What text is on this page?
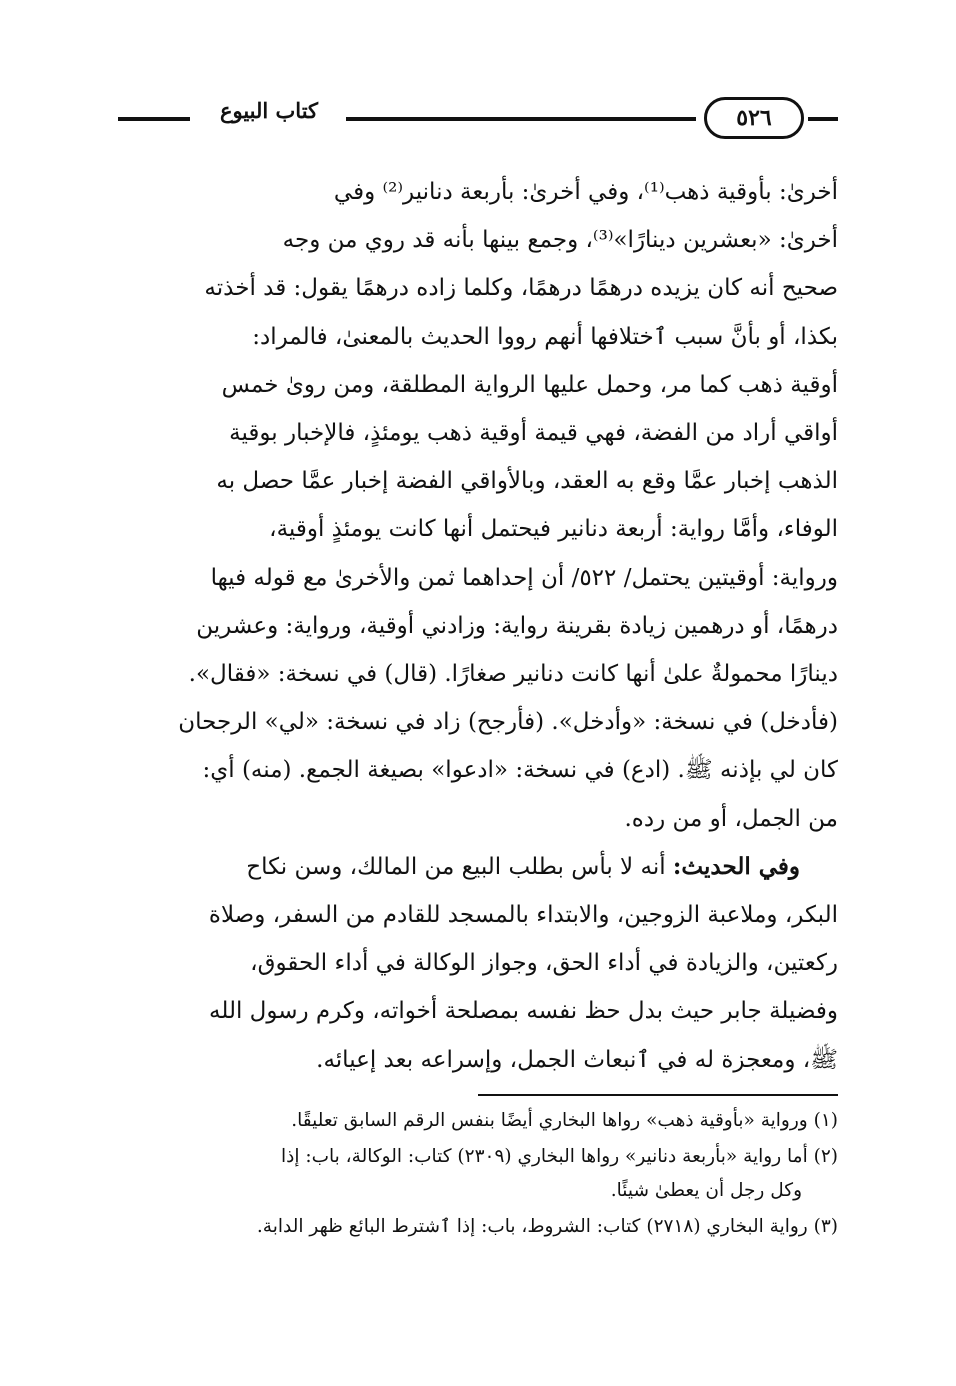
كتاب البيوع	٥٢٦

أخرىٰ: بأوقية ذهب⁽¹⁾، وفي أخرىٰ: بأربعة دنانير⁽²⁾ وفي
أخرىٰ: «بعشرين دينارًا»⁽³⁾، وجمع بينها بأنه قد روي من وجه
صحيح أنه كان يزيده درهمًا درهمًا، وكلما زاده درهمًا يقول: قد أخذته
بكذا، أو بأنَّ سبب ٱختلافها أنهم رووا الحديث بالمعنىٰ، فالمراد:
أوقية ذهب كما مر، وحمل عليها الرواية المطلقة، ومن روىٰ خمس
أواقي أراد من الفضة، فهي قيمة أوقية ذهب يومئذٍ، فالإخبار بوقية
الذهب إخبار عمَّا وقع به العقد، وبالأواقي الفضة إخبار عمَّا حصل به
الوفاء، وأمَّا رواية: أربعة دنانير فيحتمل أنها كانت يومئذٍ أوقية،
ورواية: أوقيتين يحتمل/ ٥٢٢/ أن إحداهما ثمن والأخرىٰ مع قوله فيها
درهمًا، أو درهمين زيادة بقرينة رواية: وزادني أوقية، ورواية: وعشرين
دينارًا محمولةٌ علىٰ أنها كانت دنانير صغارًا. (قال) في نسخة: «فقال».
(فأدخل) في نسخة: «وأدخل». (فأرجح) زاد في نسخة: «لي» الرجحان
كان لي بإذنه ﷺ. (ادع) في نسخة: «ادعوا» بصيغة الجمع. (منه) أي:
من الجمل، أو من رده.

وفي الحديث: أنه لا بأس بطلب البيع من المالك، وسن نكاح
البكر، وملاعبة الزوجين، والابتداء بالمسجد للقادم من السفر، وصلاة
ركعتين، والزيادة في أداء الحق، وجواز الوكالة في أداء الحقوق،
وفضيلة جابر حيث بدل حظ نفسه بمصلحة أخواته، وكرم رسول الله
ﷺ، ومعجزة له في ٱنبعاث الجمل، وإسراعه بعد إعيائه.

(١) ورواية «بأوقية ذهب» رواها البخاري أيضًا بنفس الرقم السابق تعليقًا.

(٢) أما رواية «بأربعة دنانير» رواها البخاري (٢٣٠٩) كتاب: الوكالة، باب: إذا
وكل رجل أن يعطىٰ شيئًا.

(٣) رواية البخاري (٢٧١٨) كتاب: الشروط، باب: إذا ٱشترط البائع ظهر الدابة.
